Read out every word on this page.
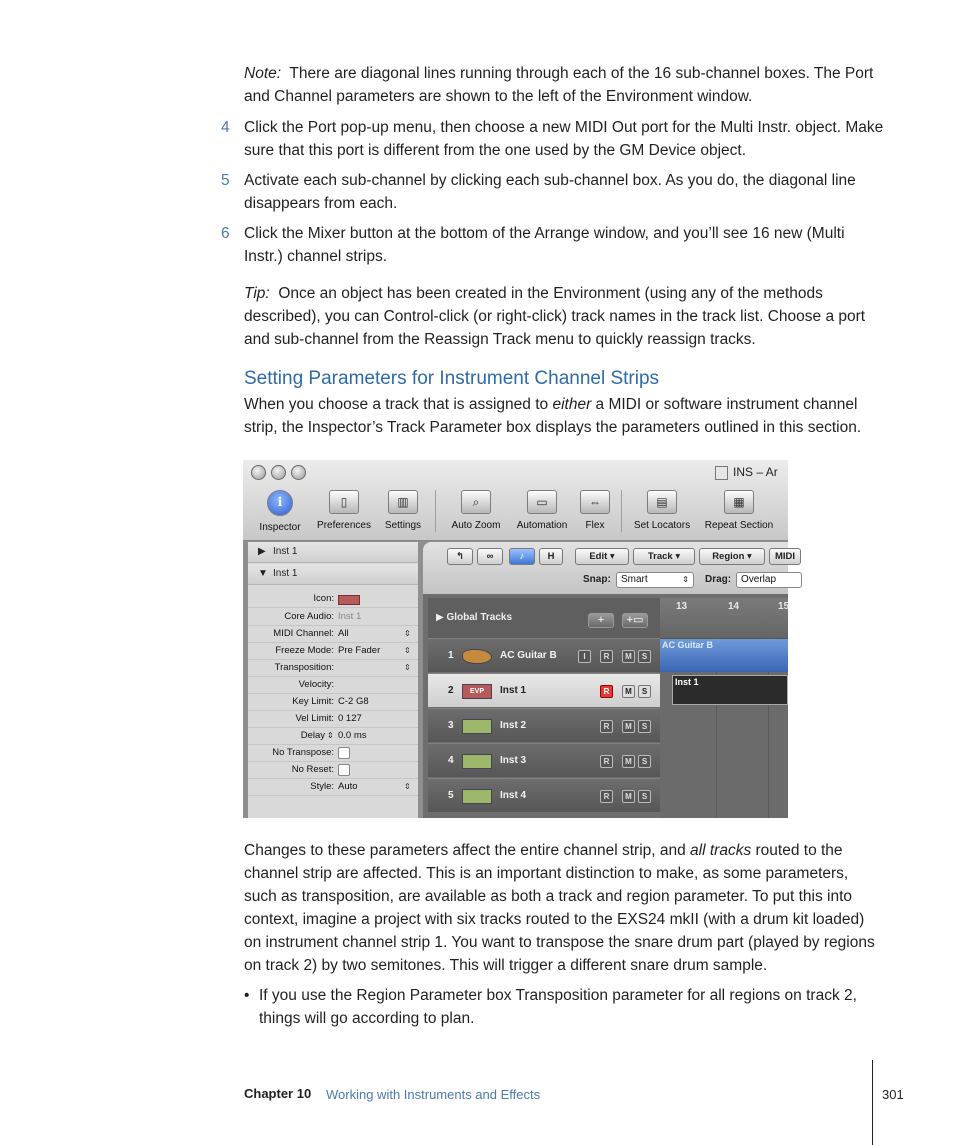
Note: There are diagonal lines running through each of the 16 sub-channel boxes. The Port and Channel parameters are shown to the left of the Environment window.
4 Click the Port pop-up menu, then choose a new MIDI Out port for the Multi Instr. object. Make sure that this port is different from the one used by the GM Device object.
5 Activate each sub-channel by clicking each sub-channel box. As you do, the diagonal line disappears from each.
6 Click the Mixer button at the bottom of the Arrange window, and you’ll see 16 new (Multi Instr.) channel strips.
Tip: Once an object has been created in the Environment (using any of the methods described), you can Control-click (or right-click) track names in the track list. Choose a port and sub-channel from the Reassign Track menu to quickly reassign tracks.
Setting Parameters for Instrument Channel Strips
When you choose a track that is assigned to either a MIDI or software instrument channel strip, the Inspector’s Track Parameter box displays the parameters outlined in this section.
INS – Ar
i
Inspector
▯
Preferences
▥
Settings
⌕
Auto Zoom
▭
Automation
⇔
Flex
▤
Set Locators
▦
Repeat Section
▶ Inst 1
▼ Inst 1
Icon:
Core Audio: Inst 1
MIDI Channel: All	⇕
Freeze Mode: Pre Fader	⇕
Transposition:	⇕
Velocity:
Key Limit: C-2 G8
Vel Limit: 0 127
Delay ⇕ 0.0 ms
No Transpose:
No Reset:
Style: Auto	⇕
↰	∞	♪	H	Edit ▾	Track ▾	Region ▾	MIDI
Snap:	Smart	⇕ Drag: Overlap
▶ Global Tracks	+	+▭
1	AC Guitar B	I	R	M	S
2	EVP	Inst 1	R	M	S
3	Inst 2	R	M	S
4	Inst 3	R	M	S
5	Inst 4	R	M	S
13	14	15
AC Guitar B
Inst 1
Changes to these parameters affect the entire channel strip, and all tracks routed to the channel strip are affected. This is an important distinction to make, as some parameters, such as transposition, are available as both a track and region parameter. To put this into context, imagine a project with six tracks routed to the EXS24 mkII (with a drum kit loaded) on instrument channel strip 1. You want to transpose the snare drum part (played by regions on track 2) by two semitones. This will trigger a different snare drum sample.
• If you use the Region Parameter box Transposition parameter for all regions on track 2, things will go according to plan.
Chapter 10 Working with Instruments and Effects	301
